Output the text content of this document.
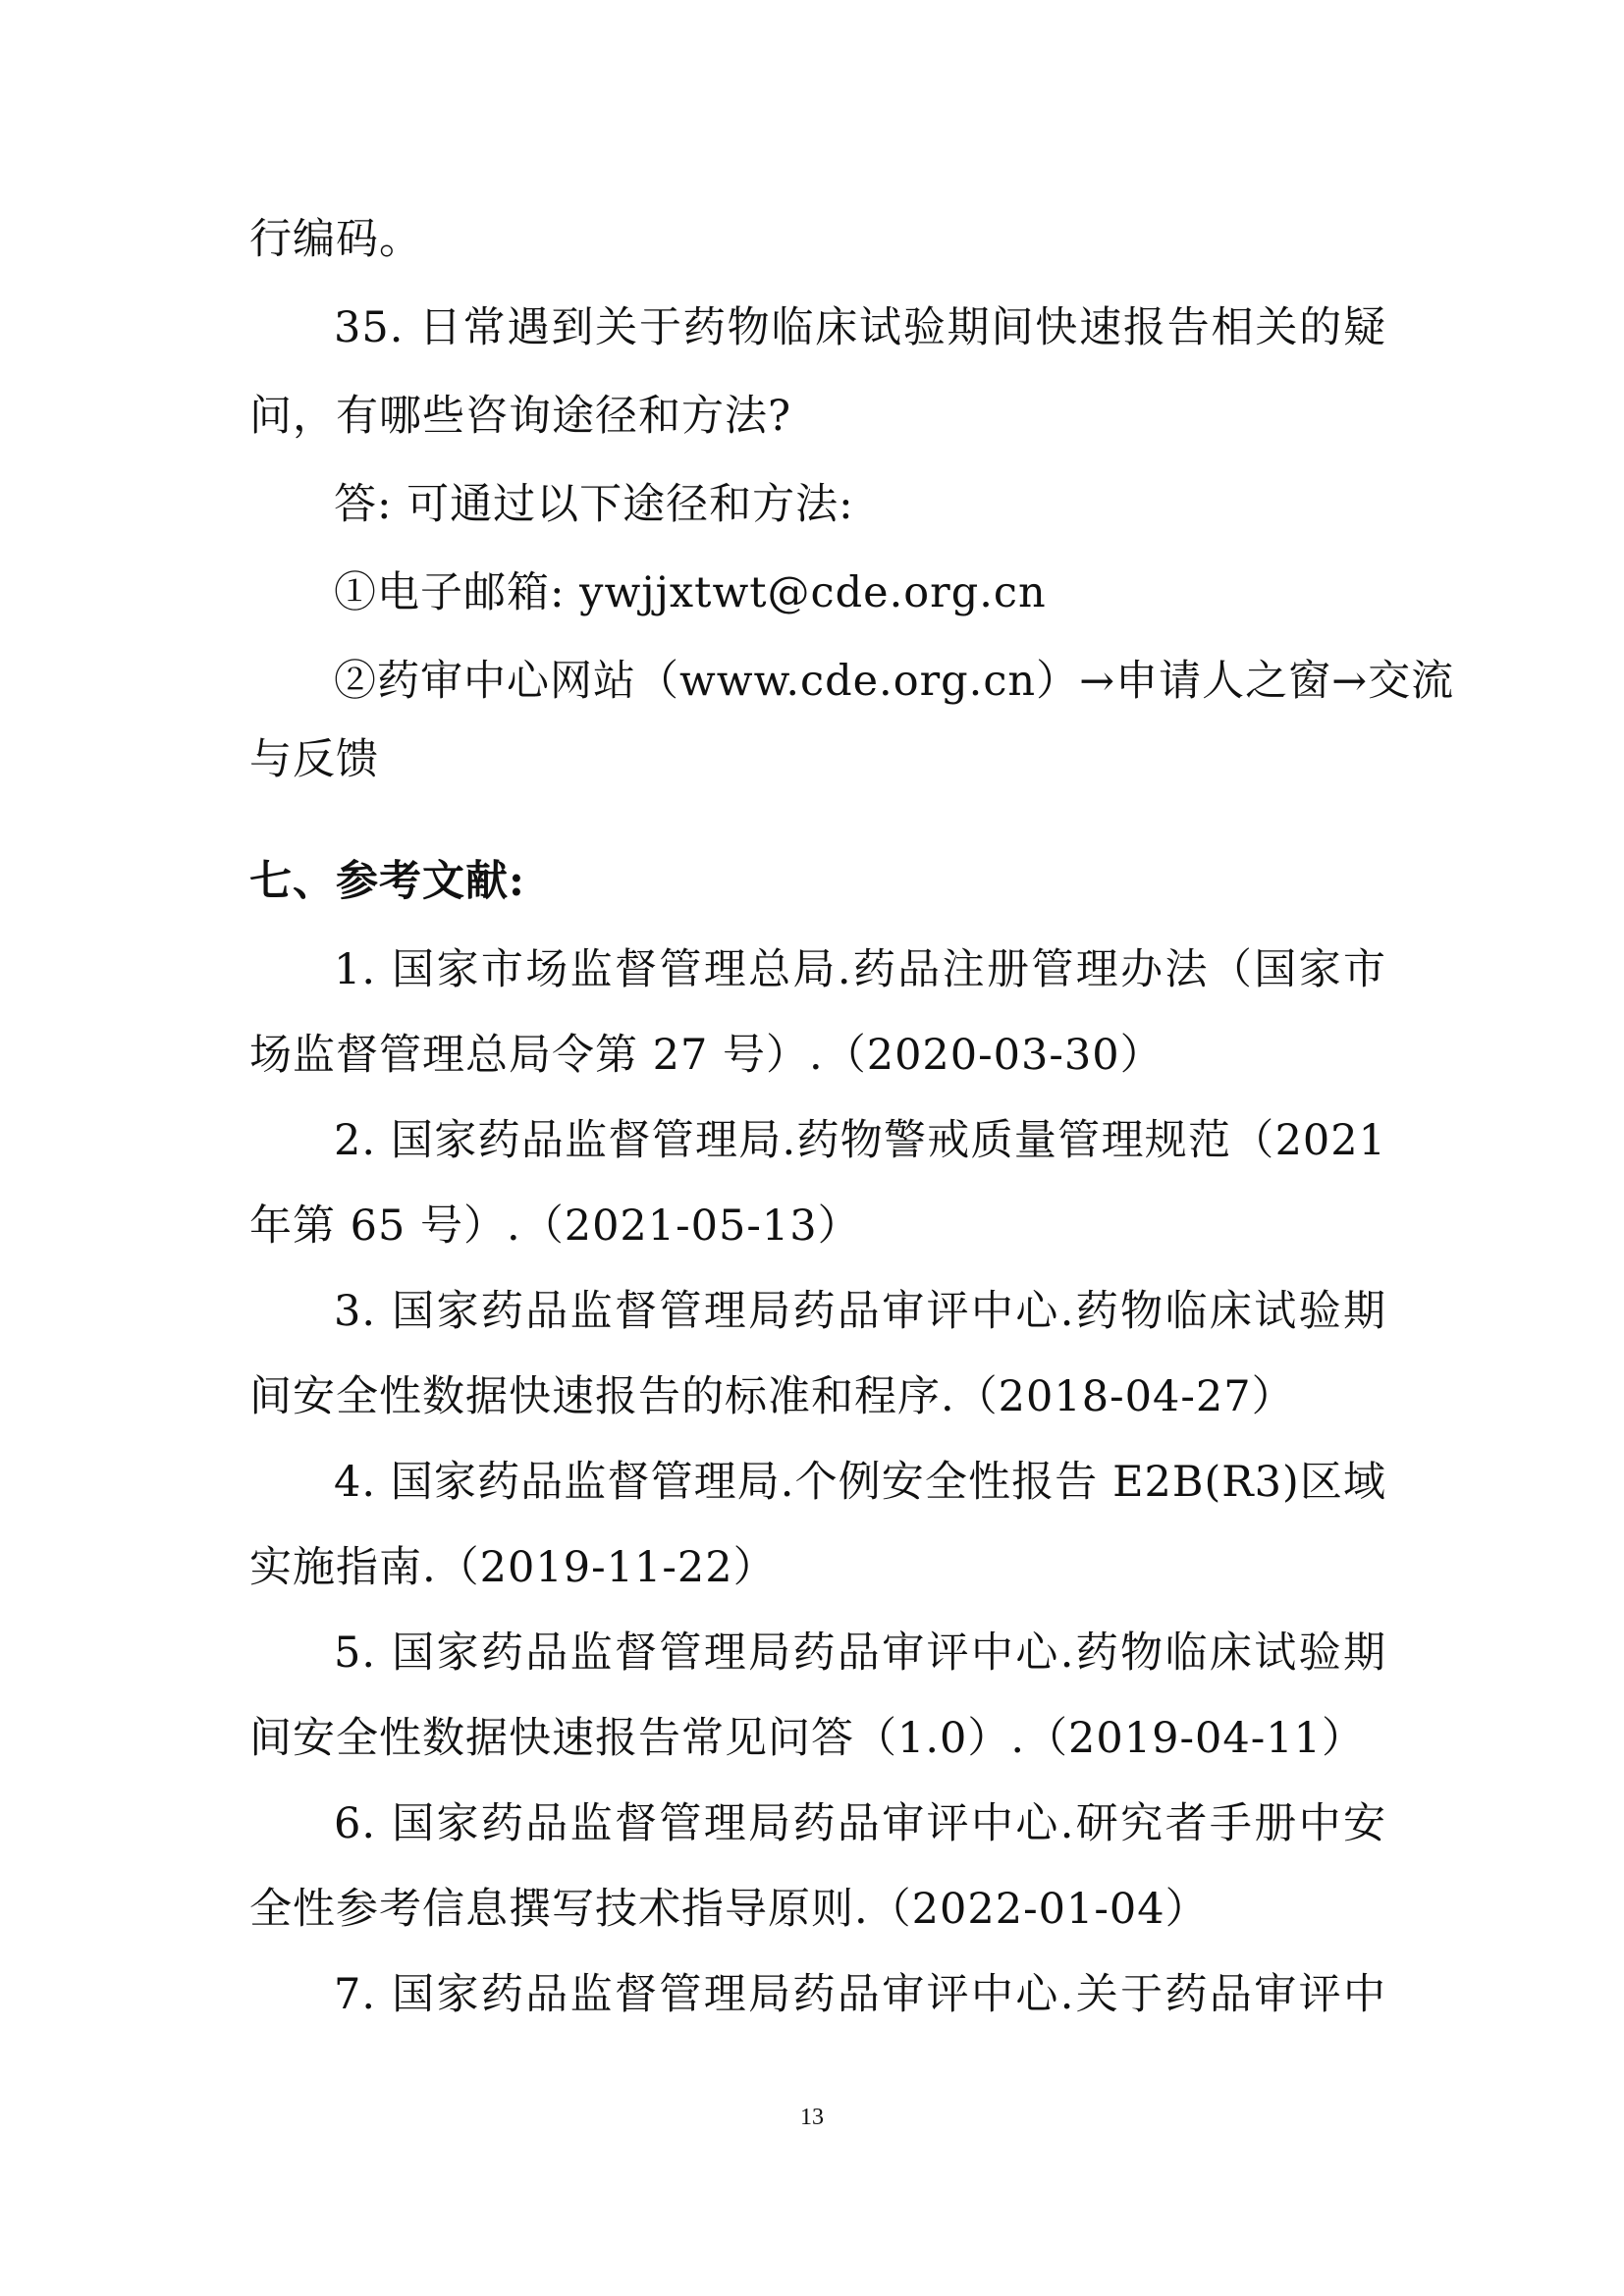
行编码。
35. 日常遇到关于药物临床试验期间快速报告相关的疑
问，有哪些咨询途径和方法?
答: 可通过以下途径和方法:
①电子邮箱: ywjjxtwt@cde.org.cn
②药审中心网站（www.cde.org.cn）→申请人之窗→交流
与反馈
七、参考文献:
1. 国家市场监督管理总局.药品注册管理办法（国家市
场监督管理总局令第 27 号）.（2020-03-30）
2. 国家药品监督管理局.药物警戒质量管理规范（2021
年第 65 号）.（2021-05-13）
3. 国家药品监督管理局药品审评中心.药物临床试验期
间安全性数据快速报告的标准和程序.（2018-04-27）
4. 国家药品监督管理局.个例安全性报告 E2B(R3)区域
实施指南.（2019-11-22）
5. 国家药品监督管理局药品审评中心.药物临床试验期
间安全性数据快速报告常见问答（1.0）.（2019-04-11）
6. 国家药品监督管理局药品审评中心.研究者手册中安
全性参考信息撰写技术指导原则.（2022-01-04）
7. 国家药品监督管理局药品审评中心.关于药品审评中
13
